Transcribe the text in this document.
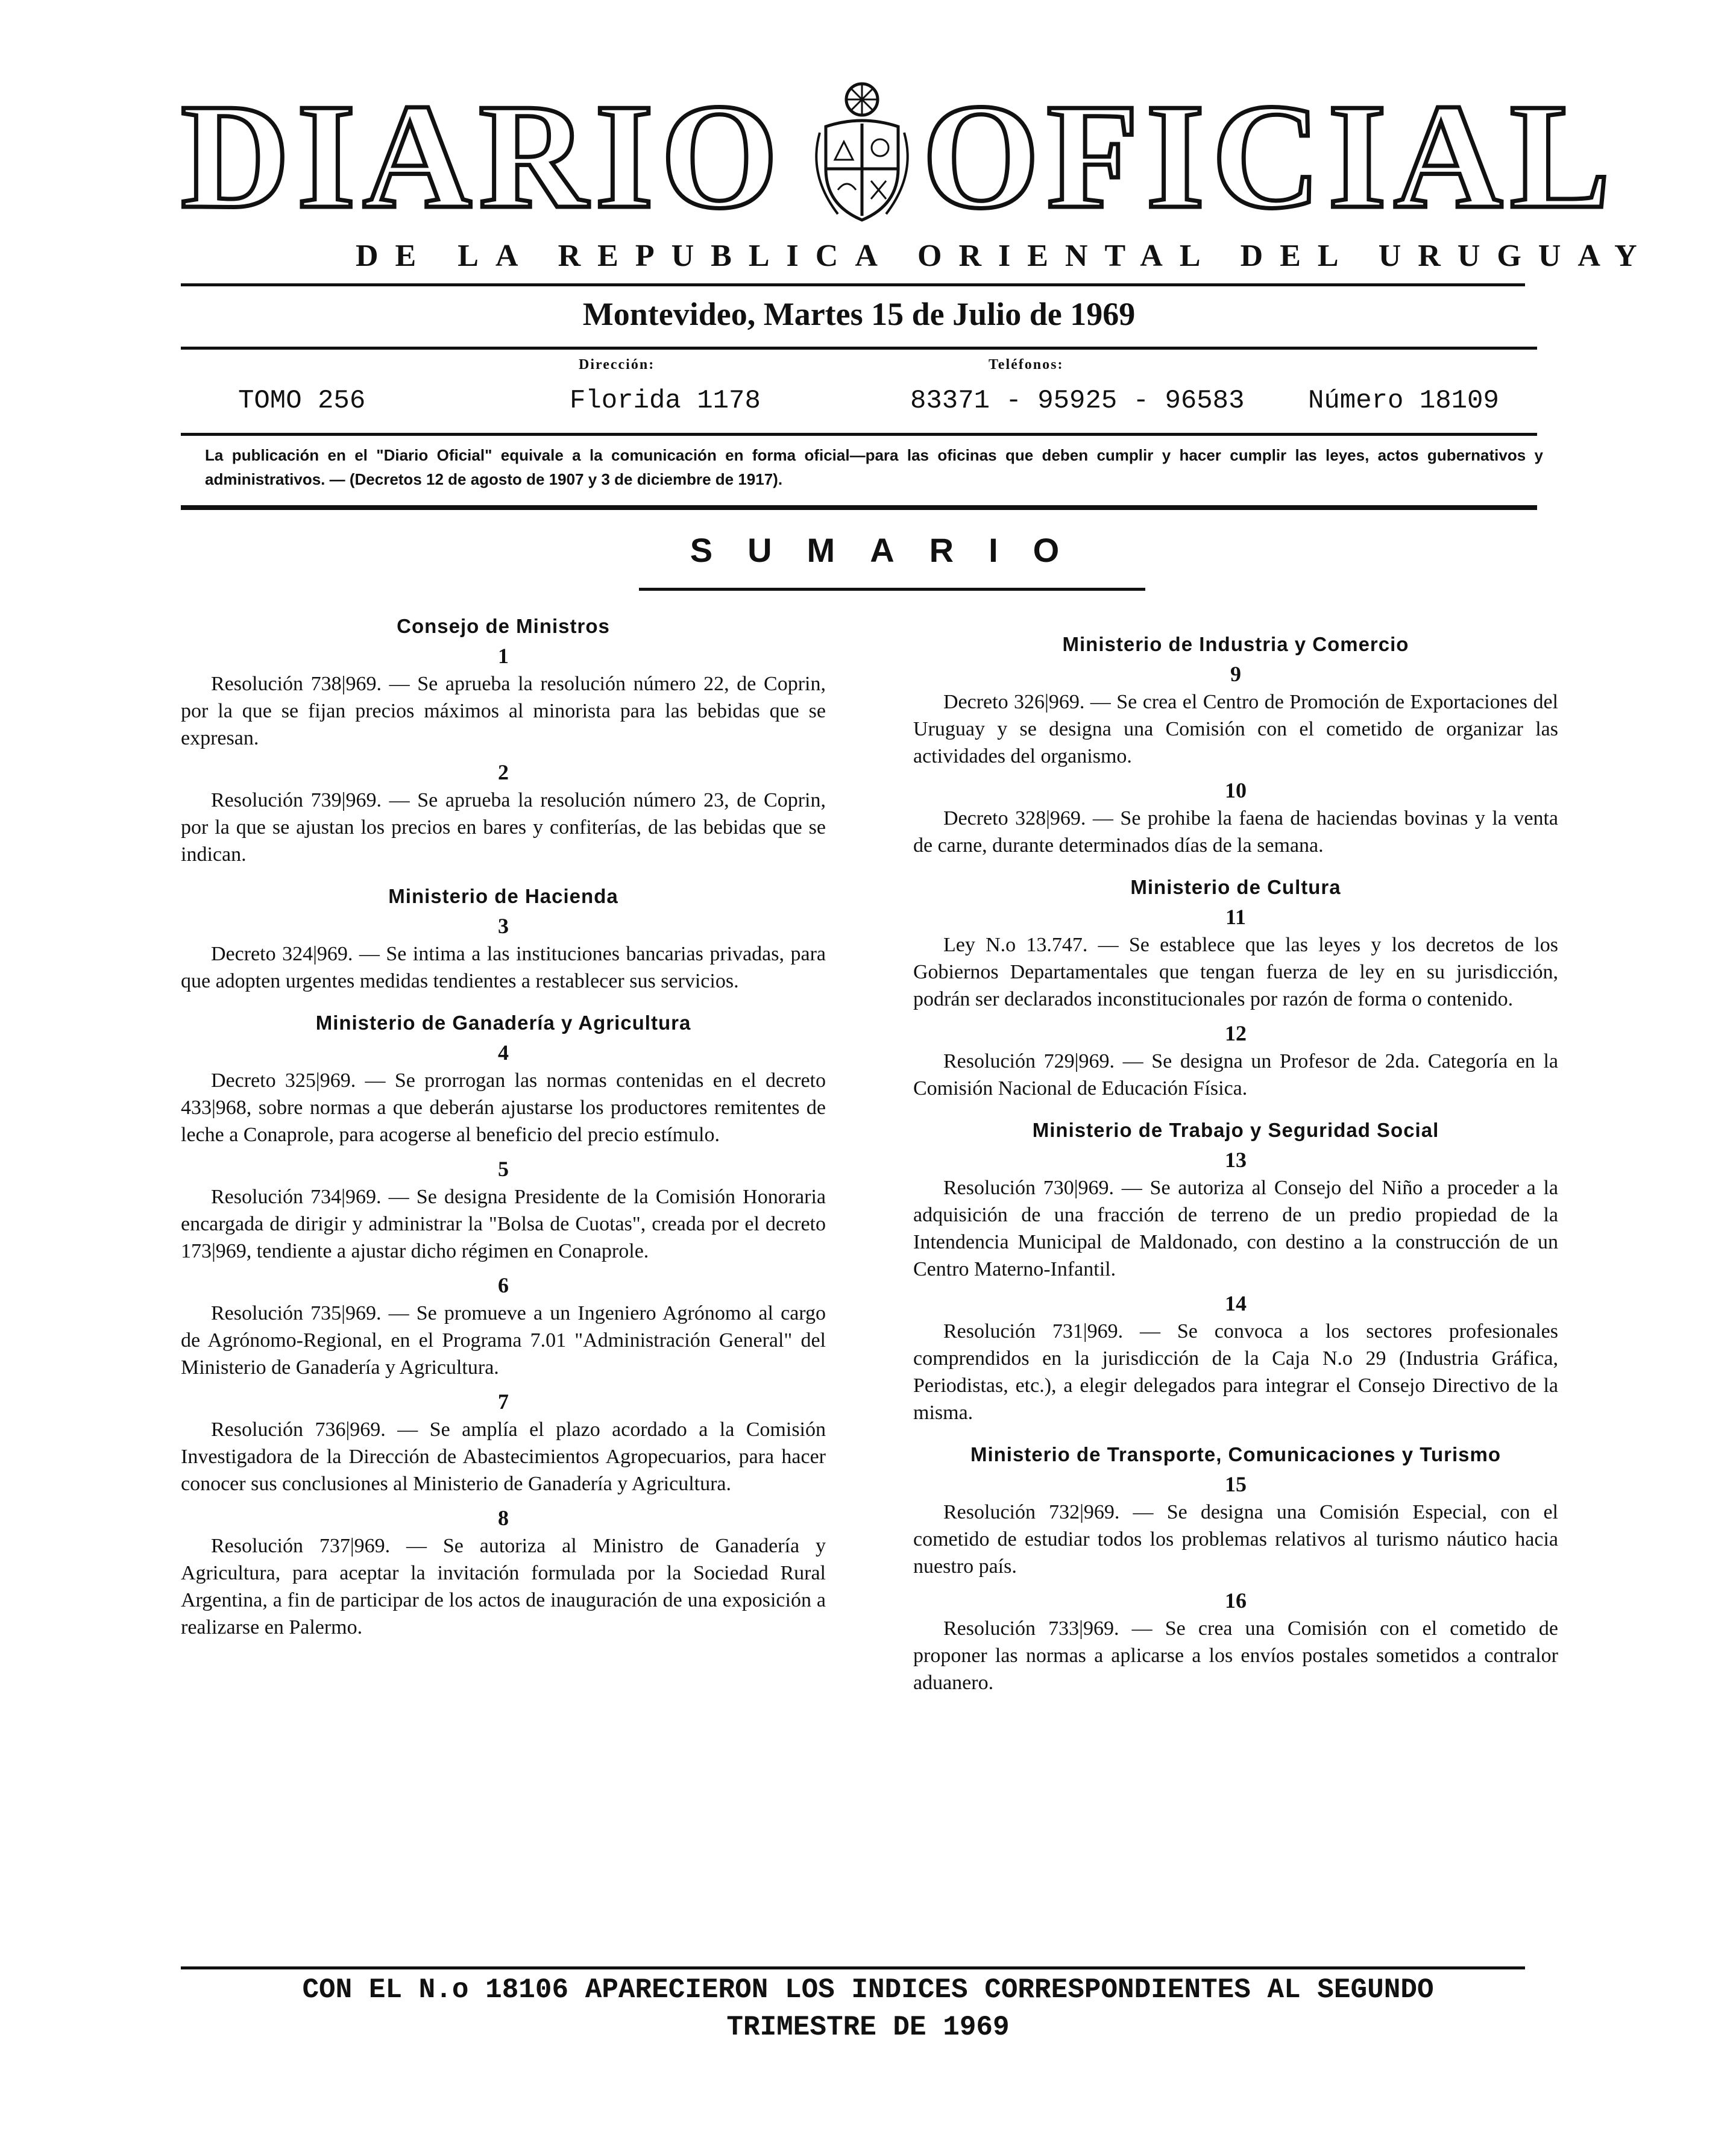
DIARIO OFICIAL
DE LA REPUBLICA ORIENTAL DEL URUGUAY
Montevideo, Martes 15 de Julio de 1969
Dirección:	Teléfonos:
TOMO 256	Florida 1178	83371 - 95925 - 96583 Número 18109
La publicación en el "Diario Oficial" equivale a la comunicación en forma oficial—para las oficinas que deben cumplir y hacer cumplir las leyes, actos gubernativos y administrativos. — (Decretos 12 de agosto de 1907 y 3 de diciembre de 1917).
SUMARIO

Consejo de Ministros

1

Resolución 738|969. — Se aprueba la resolución número 22, de Coprin, por la que se fijan precios máximos al minorista para las bebidas que se expresan.

2

Resolución 739|969. — Se aprueba la resolución número 23, de Coprin, por la que se ajustan los precios en bares y confiterías, de las bebidas que se indican.

Ministerio de Hacienda

3

Decreto 324|969. — Se intima a las instituciones bancarias privadas, para que adopten urgentes medidas tendientes a restablecer sus servicios.

Ministerio de Ganadería y Agricultura

4

Decreto 325|969. — Se prorrogan las normas contenidas en el decreto 433|968, sobre normas a que deberán ajustarse los productores remitentes de leche a Conaprole, para acogerse al beneficio del precio estímulo.

5

Resolución 734|969. — Se designa Presidente de la Comisión Honoraria encargada de dirigir y administrar la "Bolsa de Cuotas", creada por el decreto 173|969, tendiente a ajustar dicho régimen en Conaprole.

6

Resolución 735|969. — Se promueve a un Ingeniero Agrónomo al cargo de Agrónomo-Regional, en el Programa 7.01 "Administración General" del Ministerio de Ganadería y Agricultura.

7

Resolución 736|969. — Se amplía el plazo acordado a la Comisión Investigadora de la Dirección de Abastecimientos Agropecuarios, para hacer conocer sus conclusiones al Ministerio de Ganadería y Agricultura.

8

Resolución 737|969. — Se autoriza al Ministro de Ganadería y Agricultura, para aceptar la invitación formulada por la Sociedad Rural Argentina, a fin de participar de los actos de inauguración de una exposición a realizarse en Palermo.

Ministerio de Industria y Comercio

9

Decreto 326|969. — Se crea el Centro de Promoción de Exportaciones del Uruguay y se designa una Comisión con el cometido de organizar las actividades del organismo.

10

Decreto 328|969. — Se prohibe la faena de haciendas bovinas y la venta de carne, durante determinados días de la semana.

Ministerio de Cultura

11

Ley N.o 13.747. — Se establece que las leyes y los decretos de los Gobiernos Departamentales que tengan fuerza de ley en su jurisdicción, podrán ser declarados inconstitucionales por razón de forma o contenido.

12

Resolución 729|969. — Se designa un Profesor de 2da. Categoría en la Comisión Nacional de Educación Física.

Ministerio de Trabajo y Seguridad Social

13

Resolución 730|969. — Se autoriza al Consejo del Niño a proceder a la adquisición de una fracción de terreno de un predio propiedad de la Intendencia Municipal de Maldonado, con destino a la construcción de un Centro Materno-Infantil.

14

Resolución 731|969. — Se convoca a los sectores profesionales comprendidos en la jurisdicción de la Caja N.o 29 (Industria Gráfica, Periodistas, etc.), a elegir delegados para integrar el Consejo Directivo de la misma.

Ministerio de Transporte, Comunicaciones y Turismo

15

Resolución 732|969. — Se designa una Comisión Especial, con el cometido de estudiar todos los problemas relativos al turismo náutico hacia nuestro país.

16

Resolución 733|969. — Se crea una Comisión con el cometido de proponer las normas a aplicarse a los envíos postales sometidos a contralor aduanero.

CON EL N.o 18106 APARECIERON LOS INDICES CORRESPONDIENTES AL SEGUNDO
TRIMESTRE DE 1969
